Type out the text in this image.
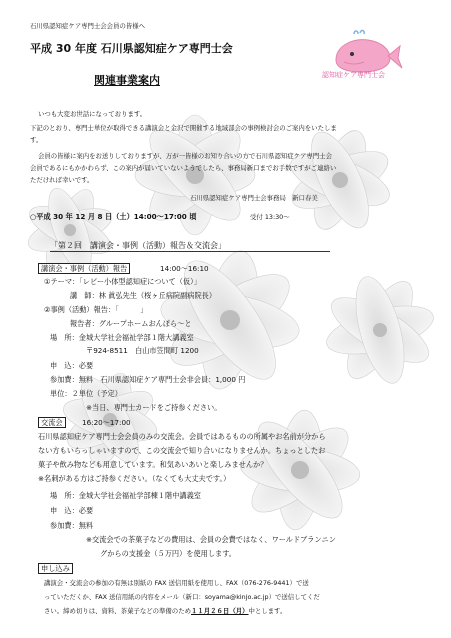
認知症ケア専門士会
石川県認知症ケア専門士会会員の皆様へ
平成 30 年度 石川県認知症ケア専門士会
関連事業案内
いつも大変お世話になっております。
下記のとおり、専門士単位が取得できる講演会と金沢で開催する地域部会の事例検討会のご案内をいたしま
す。
会員の皆様に案内をお送りしておりますが、万が一皆様のお知り合いの方で石川県認知症ケア専門士会
会員であるにもかかわらず、この案内が届いていないようでしたら、事務局新口までお手数ですがご連絡い
ただければ幸いです。
石川県認知症ケア専門士会事務局　新口春美
○平成 30 年 12 月 8 日（土）14:00～17:00 頃	受付 13:30～
「第２回　講演会・事例（活動）報告＆交流会」
講演会・事例（活動）報告	14:00～16:10
①テーマ：「レビー小体型認知症について（仮）」
講　師：林 眞弘先生（桜ヶ丘病院副病院長）
②事例（活動）報告：「　　　」
報告者：グループホームおんぽら～と
場　所：金城大学社会福祉学部１階大講義室
〒924-8511　白山市笠間町 1200
申　込：必要
参加費：無料　石川県認知症ケア専門士会非会員：1,000 円
単位：２単位（予定）
※当日、専門士カードをご持参ください。
交流会	16:20～17:00
石川県認知症ケア専門士会会員のみの交流会。会員ではあるものの所属やお名前が分から
ない方もいらっしゃいますので、この交流会で知り合いになりませんか。ちょっとしたお
菓子や飲み物なども用意しています。和気あいあいと楽しみませんか？
※名刺がある方はご持参ください。（なくても大丈夫です。）
場　所：金城大学社会福祉学部棟１階中講義室
申　込：必要
参加費：無料
※交流会での茶菓子などの費用は、会員の会費ではなく、ワールドブランニン
グからの支援金（５万円）を使用します。
申し込み
講演会・交流会の参加の有無は別紙の FAX 送信用紙を使用し、FAX（076-276-9441）で送
っていただくか、FAX 送信用紙の内容をメール（新口：soyama@kinjo.ac.jp）で送信してくだ
さい。締め切りは、資料、茶菓子などの準備のため１１月２６日（月）中とします。
